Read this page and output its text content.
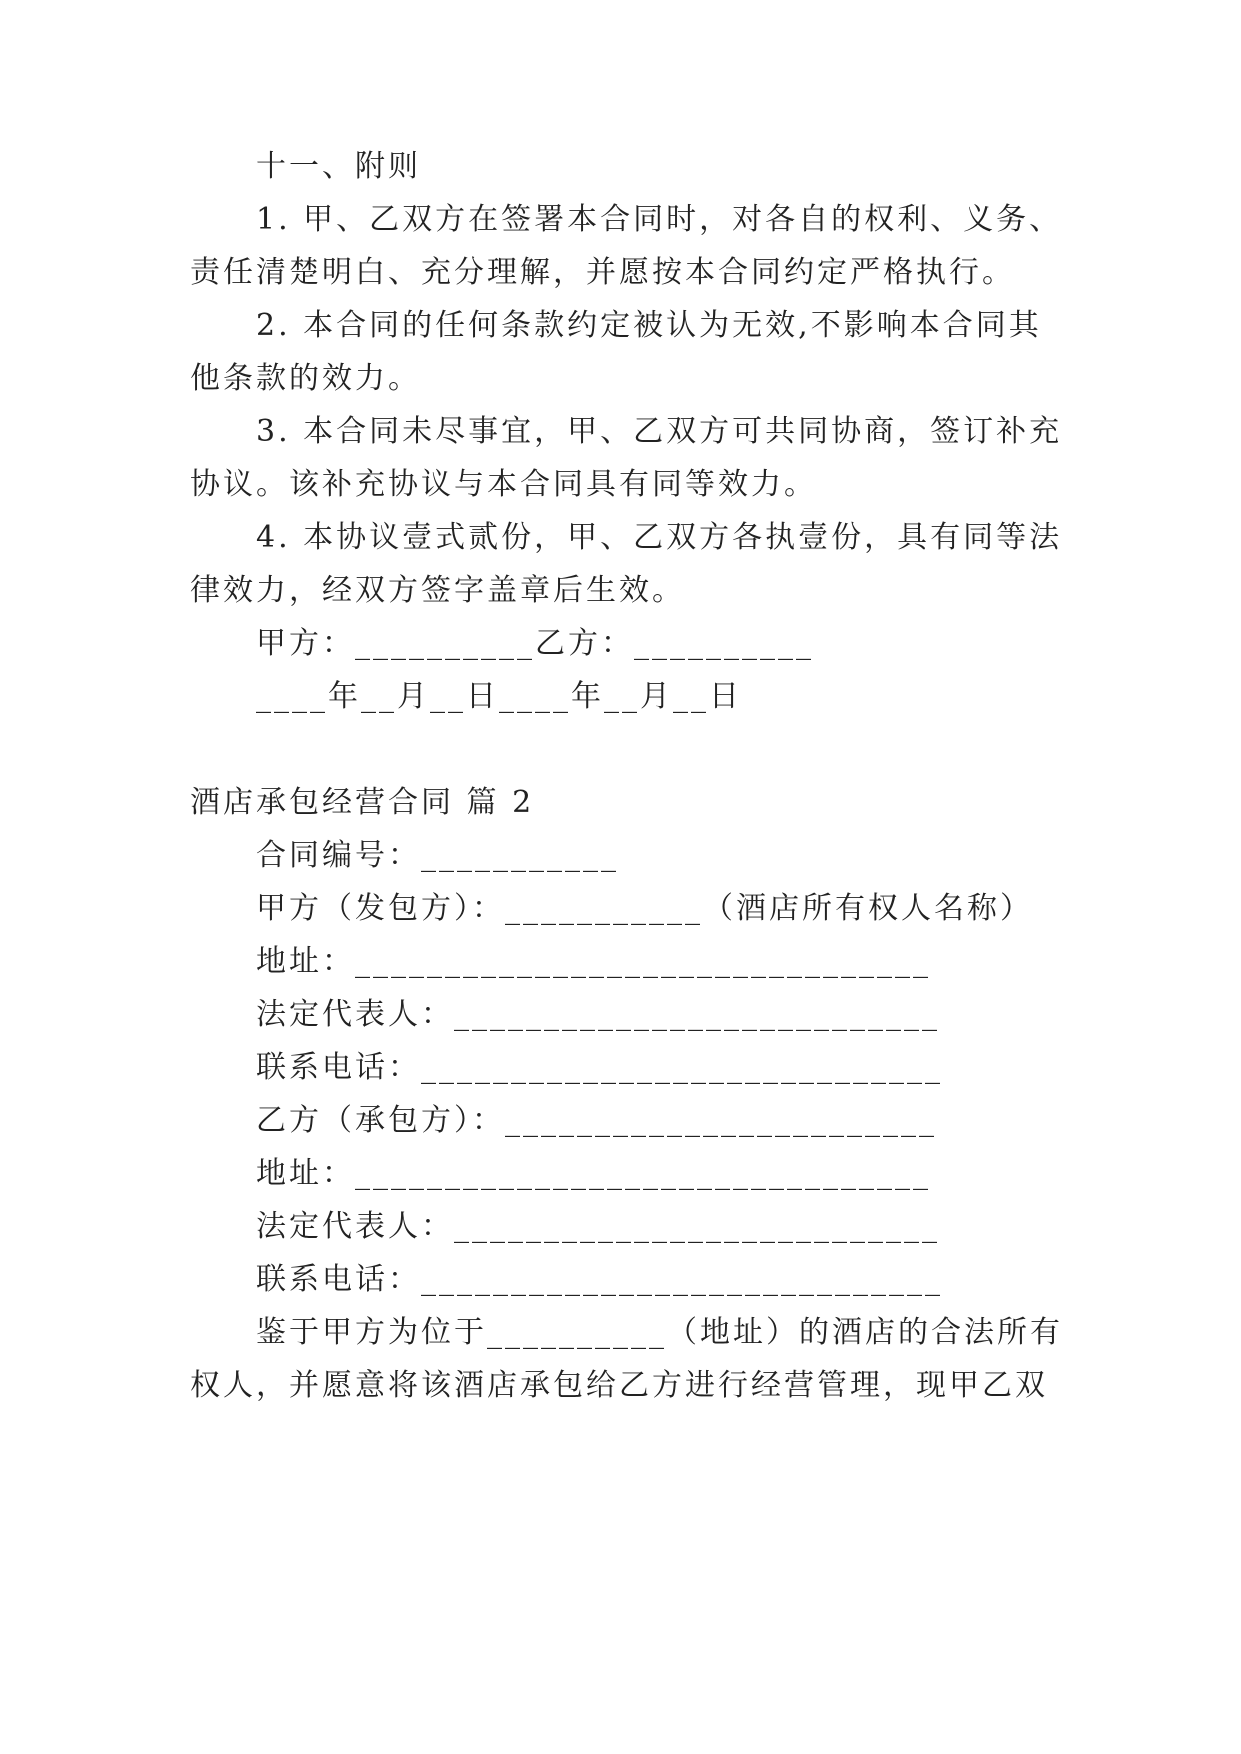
十一、附则
1. 甲、乙双方在签署本合同时，对各自的权利、义务、
责任清楚明白、充分理解，并愿按本合同约定严格执行。
2. 本合同的任何条款约定被认为无效,不影响本合同其
他条款的效力。
3. 本合同未尽事宜，甲、乙双方可共同协商，签订补充
协议。该补充协议与本合同具有同等效力。
4. 本协议壹式贰份，甲、乙双方各执壹份，具有同等法
律效力，经双方签字盖章后生效。
甲方：__________乙方：__________
____年__月__日____年__月__日
酒店承包经营合同 篇 2
合同编号：___________
甲方（发包方）：___________（酒店所有权人名称）
地址：________________________________
法定代表人：___________________________
联系电话：_____________________________
乙方（承包方）：________________________
地址：________________________________
法定代表人：___________________________
联系电话：_____________________________
鉴于甲方为位于__________（地址）的酒店的合法所有
权人，并愿意将该酒店承包给乙方进行经营管理，现甲乙双
